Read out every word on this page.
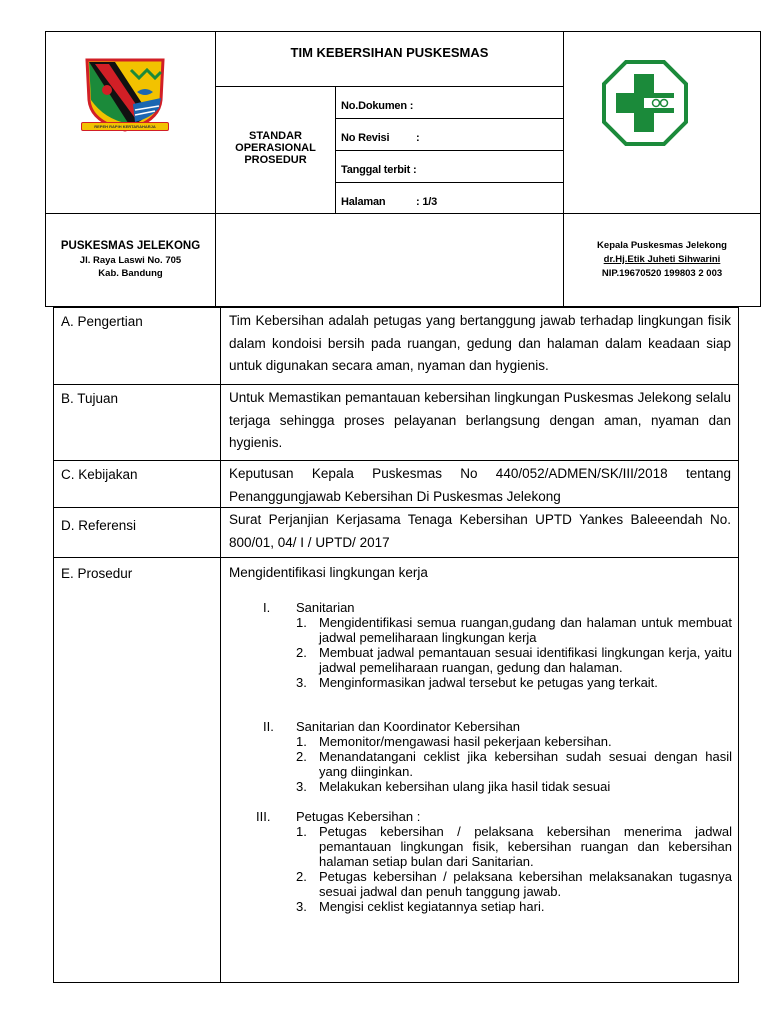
REPEH RAPIH KERTARAHARJA
TIM KEBERSIHAN PUSKESMAS
STANDAR
OPERASIONAL
PROSEDUR
No.Dokumen :
No Revisi :
Tanggal terbit :
Halaman	: 1/3
PUSKESMAS JELEKONG
Jl. Raya Laswi No. 705
Kab. Bandung
Kepala Puskesmas Jelekong
dr.Hj.Etik Juheti Sihwarini
NIP.19670520 199803 2 003
A. Pengertian	Tim Kebersihan adalah petugas yang bertanggung jawab terhadap lingkungan fisik dalam kondoisi bersih pada ruangan, gedung dan halaman dalam keadaan siap untuk digunakan secara aman, nyaman dan hygienis.
B. Tujuan	Untuk Memastikan pemantauan kebersihan lingkungan Puskesmas Jelekong selalu terjaga sehingga proses pelayanan berlangsung dengan aman, nyaman dan hygienis.
C. Kebijakan	Keputusan Kepala Puskesmas No 440/052/ADMEN/SK/III/2018 tentang Penanggungjawab Kebersihan Di Puskesmas Jelekong
D. Referensi	Surat Perjanjian Kerjasama Tenaga Kebersihan UPTD Yankes Baleeendah No. 800/01, 04/ I / UPTD/ 2017
E. Prosedur	Mengidentifikasi lingkungan kerja
I. Sanitarian
1. Mengidentifikasi semua ruangan,gudang dan halaman untuk membuat jadwal pemeliharaan lingkungan kerja
2. Membuat jadwal pemantauan sesuai identifikasi lingkungan kerja, yaitu jadwal pemeliharaan ruangan, gedung dan halaman.
3. Menginformasikan jadwal tersebut ke petugas yang terkait.
II. Sanitarian dan Koordinator Kebersihan
1. Memonitor/mengawasi hasil pekerjaan kebersihan.
2. Menandatangani ceklist jika kebersihan sudah sesuai dengan hasil yang diinginkan.
3. Melakukan kebersihan ulang jika hasil tidak sesuai
III. Petugas Kebersihan :
1. Petugas kebersihan / pelaksana kebersihan menerima jadwal pemantauan lingkungan fisik, kebersihan ruangan dan kebersihan halaman setiap bulan dari Sanitarian.
2. Petugas kebersihan / pelaksana kebersihan melaksanakan tugasnya sesuai jadwal dan penuh tanggung jawab.
3. Mengisi ceklist kegiatannya setiap hari.
